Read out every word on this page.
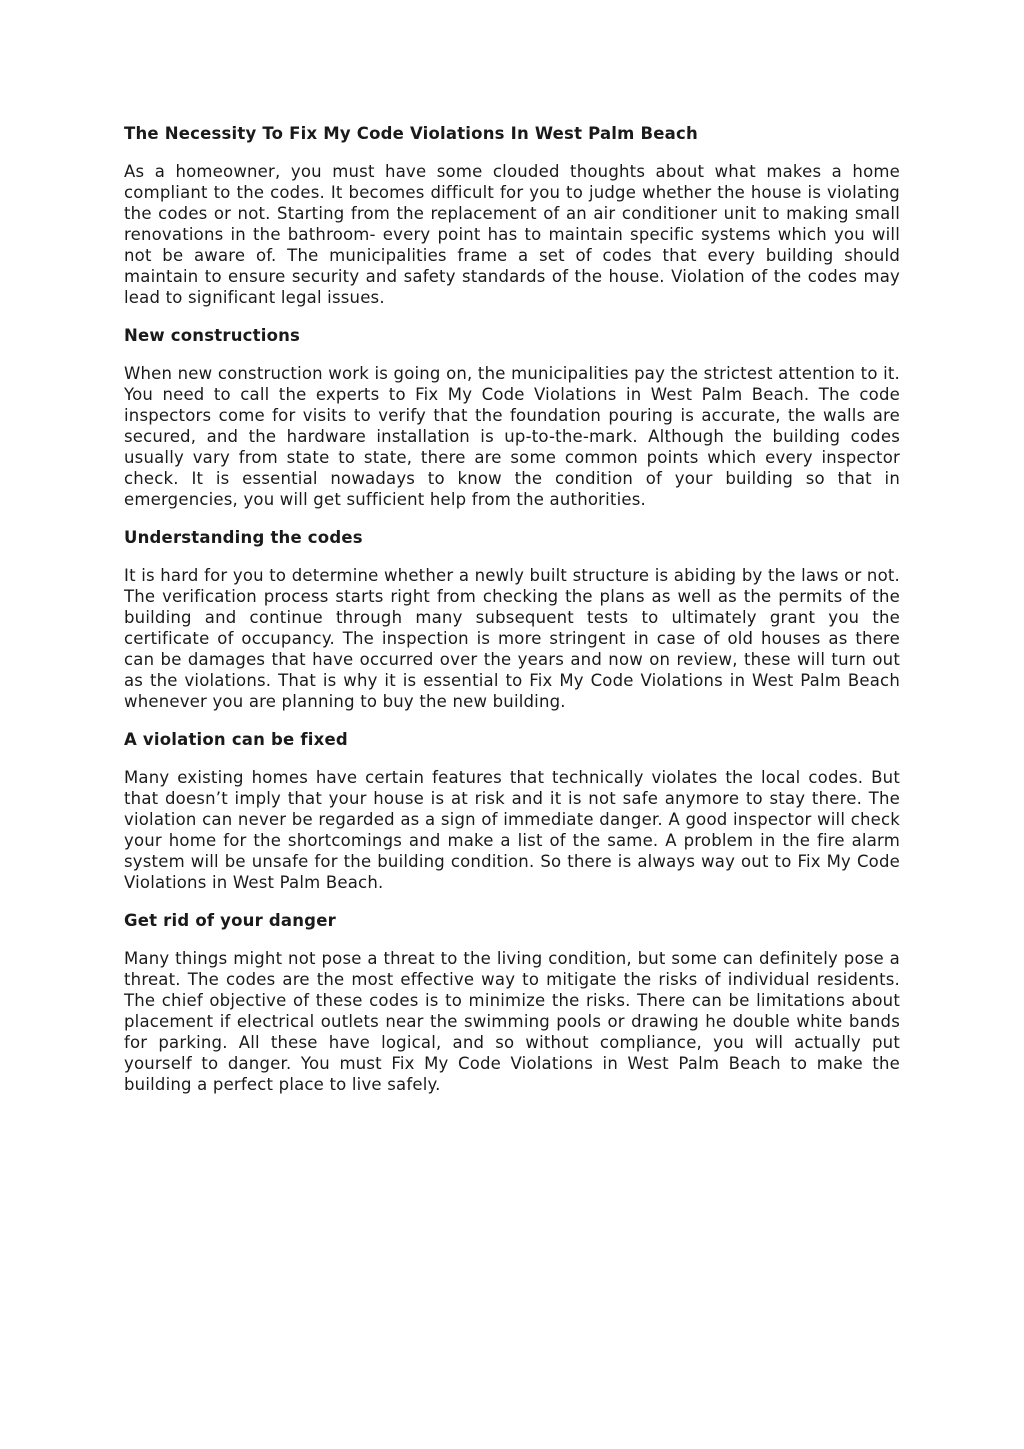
The Necessity To Fix My Code Violations In West Palm Beach

As a homeowner, you must have some clouded thoughts about what makes a home compliant to the codes. It becomes difficult for you to judge whether the house is violating the codes or not. Starting from the replacement of an air conditioner unit to making small renovations in the bathroom- every point has to maintain specific systems which you will not be aware of. The municipalities frame a set of codes that every building should maintain to ensure security and safety standards of the house. Violation of the codes may lead to significant legal issues.

New constructions

When new construction work is going on, the municipalities pay the strictest attention to it. You need to call the experts to Fix My Code Violations in West Palm Beach. The code inspectors come for visits to verify that the foundation pouring is accurate, the walls are secured, and the hardware installation is up-to-the-mark. Although the building codes usually vary from state to state, there are some common points which every inspector check. It is essential nowadays to know the condition of your building so that in emergencies, you will get sufficient help from the authorities.

Understanding the codes

It is hard for you to determine whether a newly built structure is abiding by the laws or not. The verification process starts right from checking the plans as well as the permits of the building and continue through many subsequent tests to ultimately grant you the certificate of occupancy. The inspection is more stringent in case of old houses as there can be damages that have occurred over the years and now on review, these will turn out as the violations. That is why it is essential to Fix My Code Violations in West Palm Beach whenever you are planning to buy the new building.

A violation can be fixed

Many existing homes have certain features that technically violates the local codes. But that doesn’t imply that your house is at risk and it is not safe anymore to stay there. The violation can never be regarded as a sign of immediate danger. A good inspector will check your home for the shortcomings and make a list of the same. A problem in the fire alarm system will be unsafe for the building condition. So there is always way out to Fix My Code Violations in West Palm Beach.

Get rid of your danger

Many things might not pose a threat to the living condition, but some can definitely pose a threat. The codes are the most effective way to mitigate the risks of individual residents. The chief objective of these codes is to minimize the risks. There can be limitations about placement if electrical outlets near the swimming pools or drawing he double white bands for parking. All these have logical, and so without compliance, you will actually put yourself to danger. You must Fix My Code Violations in West Palm Beach to make the building a perfect place to live safely.
